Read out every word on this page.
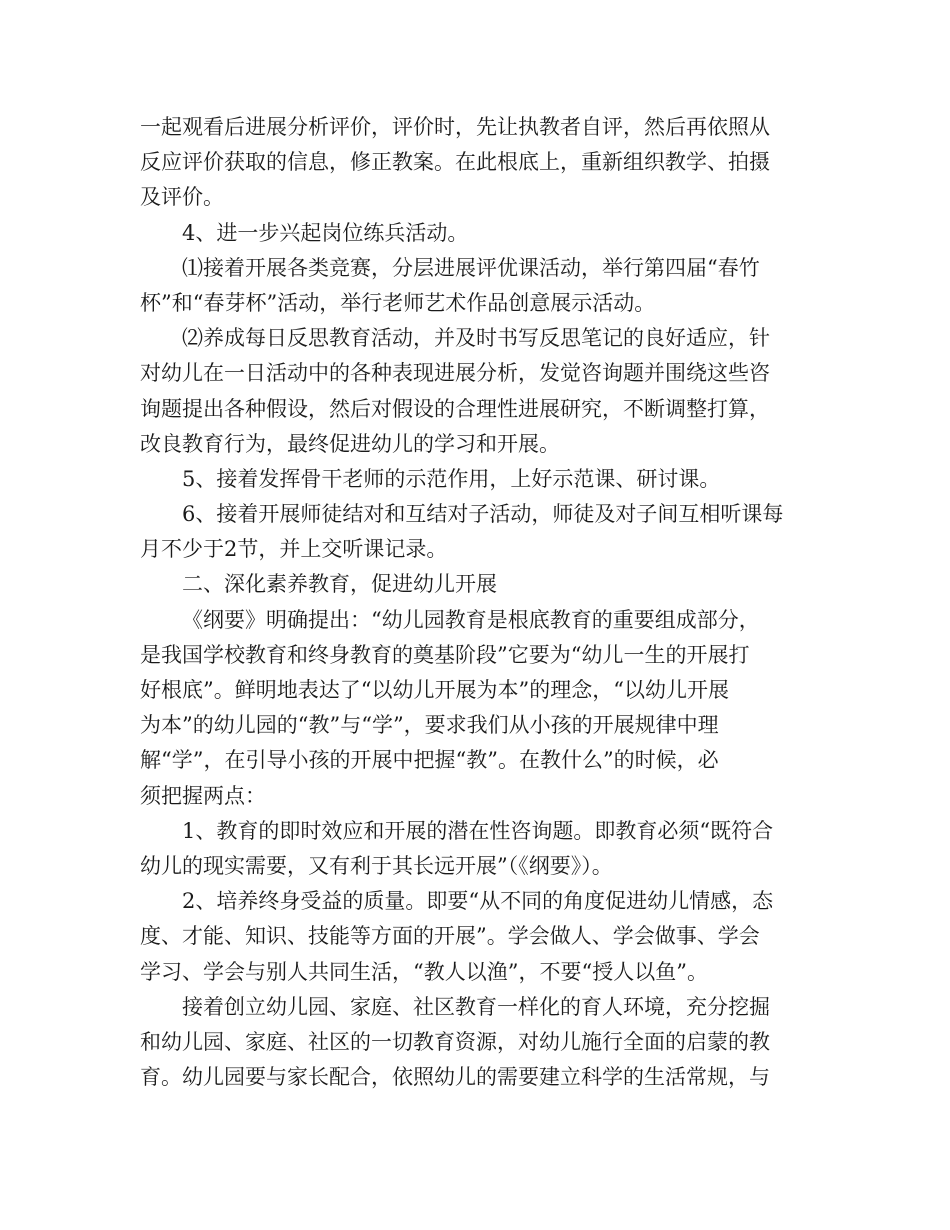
一起观看后进展分析评价，评价时，先让执教者自评，然后再依照从
反应评价获取的信息，修正教案。在此根底上，重新组织教学、拍摄
及评价。
4、进一步兴起岗位练兵活动。
⑴接着开展各类竞赛，分层进展评优课活动，举行第四届“春竹
杯”和“春芽杯”活动，举行老师艺术作品创意展示活动。
⑵养成每日反思教育活动，并及时书写反思笔记的良好适应，针
对幼儿在一日活动中的各种表现进展分析，发觉咨询题并围绕这些咨
询题提出各种假设，然后对假设的合理性进展研究，不断调整打算，
改良教育行为，最终促进幼儿的学习和开展。
5、接着发挥骨干老师的示范作用，上好示范课、研讨课。
6、接着开展师徒结对和互结对子活动，师徒及对子间互相听课每
月不少于2节，并上交听课记录。
二、深化素养教育，促进幼儿开展
《纲要》明确提出：“幼儿园教育是根底教育的重要组成部分，
是我国学校教育和终身教育的奠基阶段”它要为“幼儿一生的开展打
好根底”。鲜明地表达了“以幼儿开展为本”的理念，“以幼儿开展
为本”的幼儿园的“教”与“学”，要求我们从小孩的开展规律中理
解“学”，在引导小孩的开展中把握“教”。在教什么”的时候，必
须把握两点：
1、教育的即时效应和开展的潜在性咨询题。即教育必须“既符合
幼儿的现实需要，又有利于其长远开展”（《纲要》）。
2、培养终身受益的质量。即要“从不同的角度促进幼儿情感，态
度、才能、知识、技能等方面的开展”。学会做人、学会做事、学会
学习、学会与别人共同生活，“教人以渔”，不要“授人以鱼”。
接着创立幼儿园、家庭、社区教育一样化的育人环境，充分挖掘
和幼儿园、家庭、社区的一切教育资源，对幼儿施行全面的启蒙的教
育。幼儿园要与家长配合，依照幼儿的需要建立科学的生活常规，与
